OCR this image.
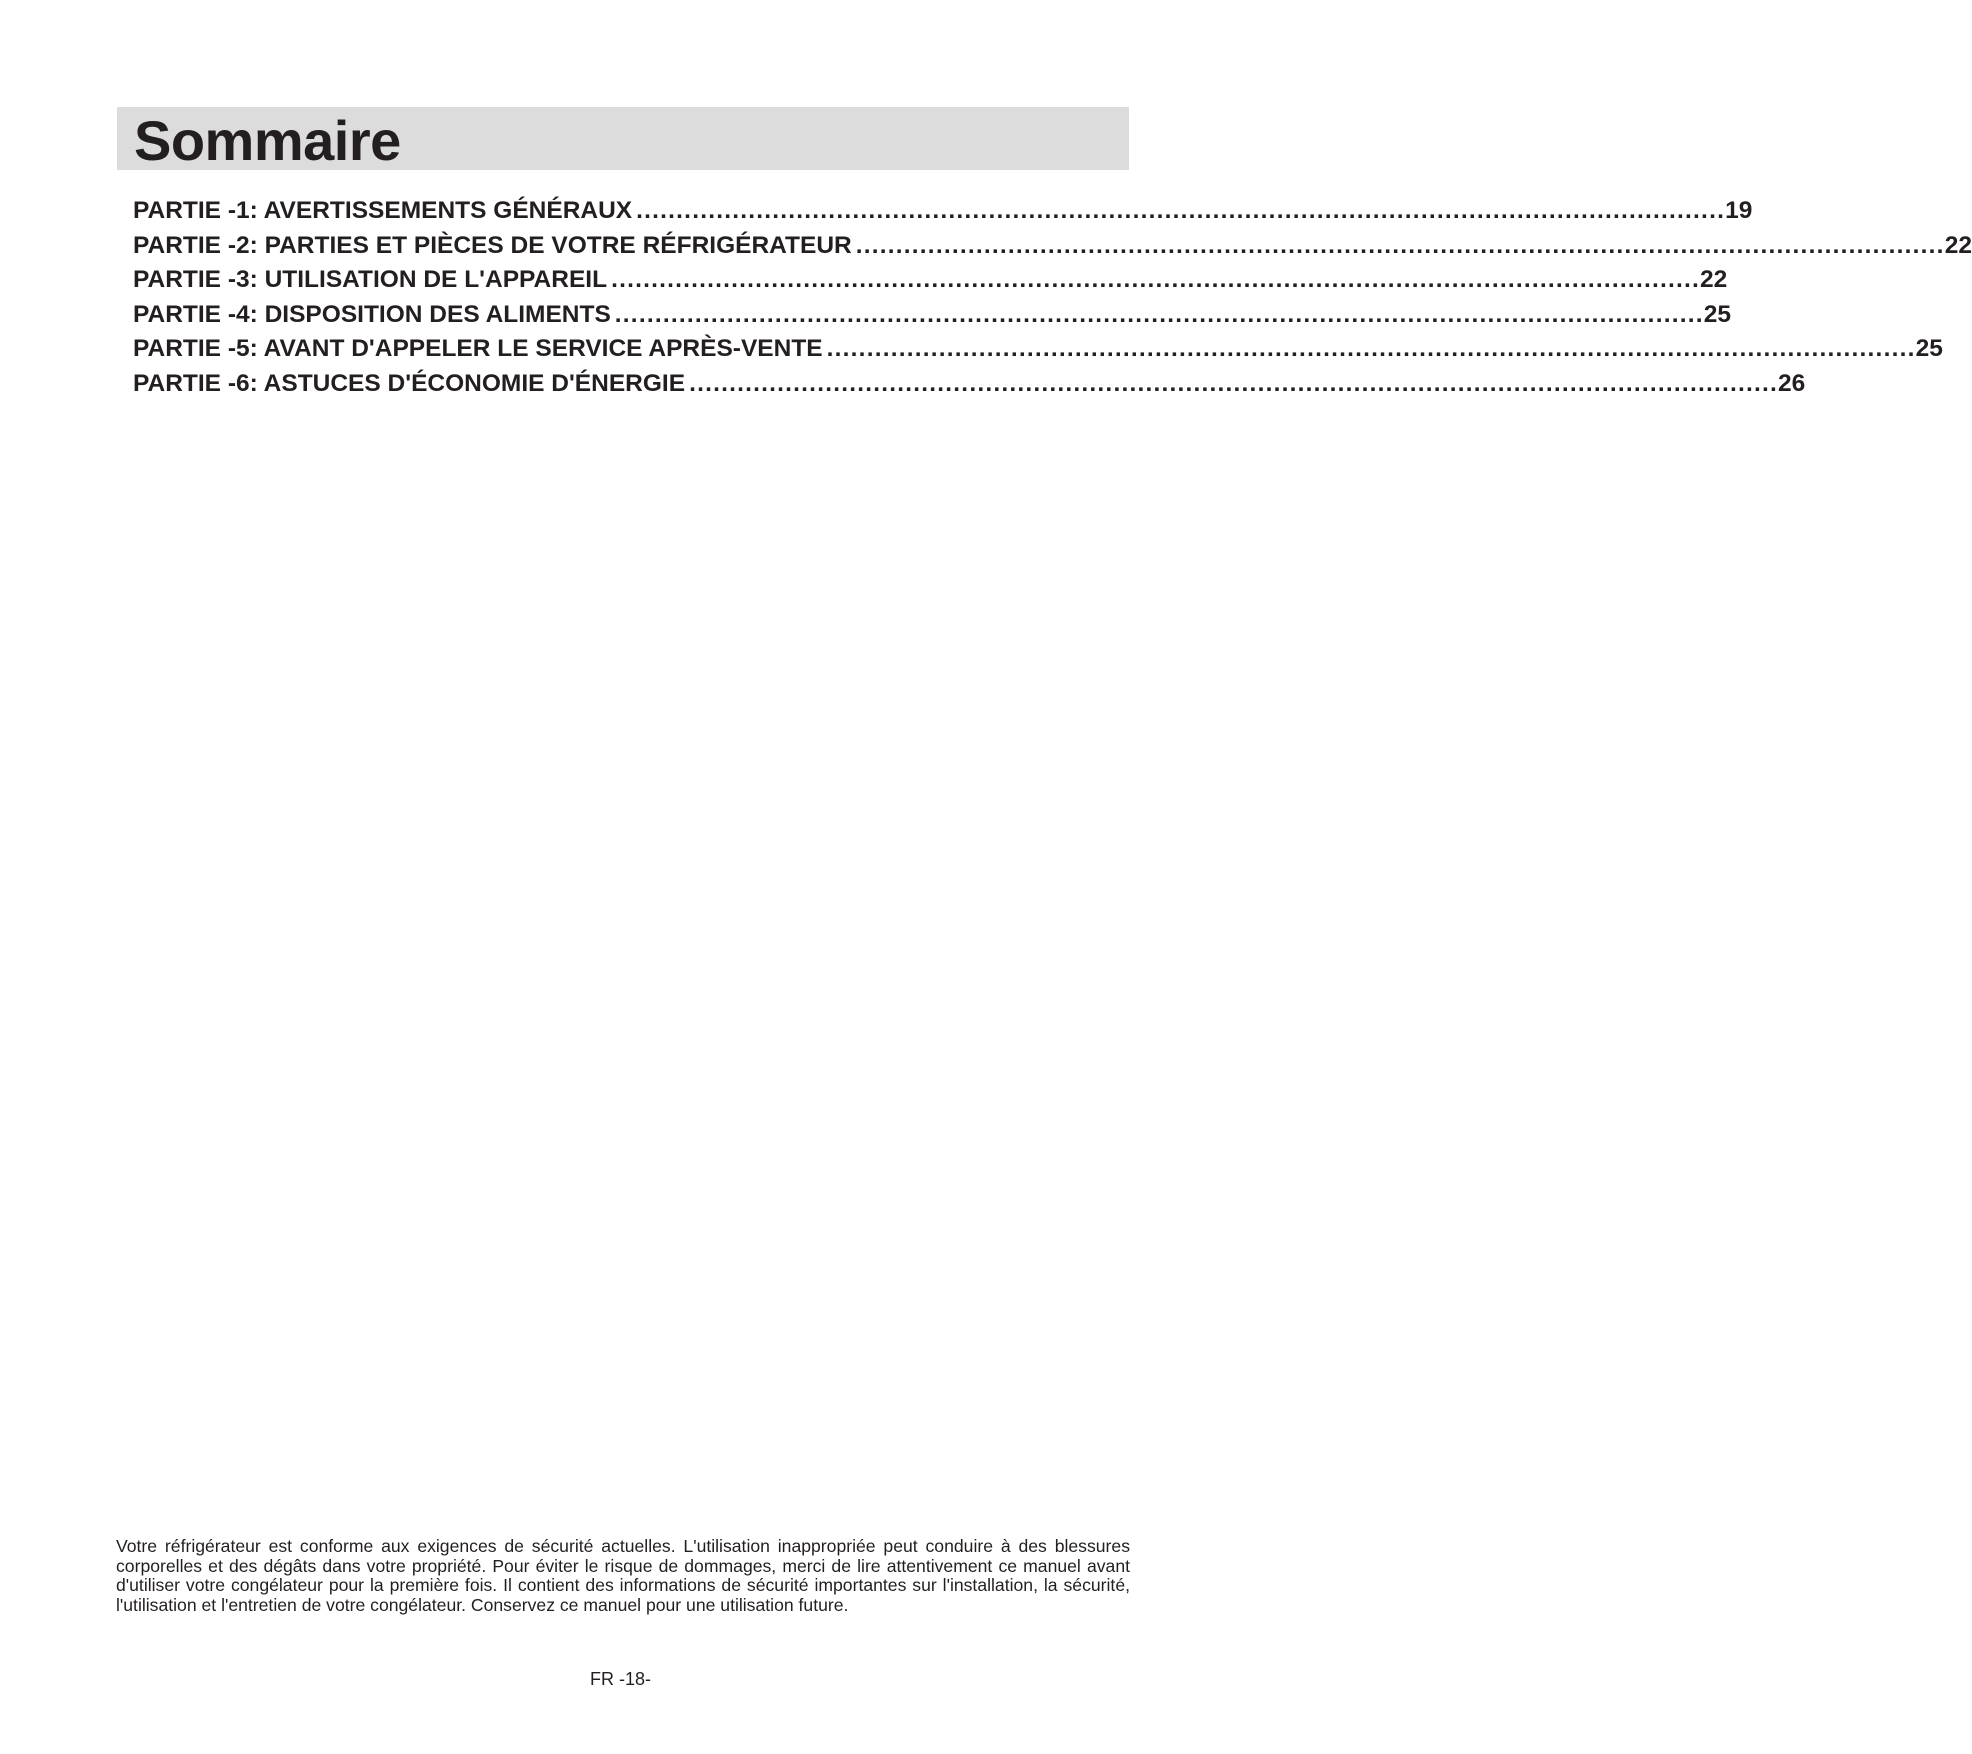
Sommaire
PARTIE -1: AVERTISSEMENTS GÉNÉRAUX ........................................................................................................................................ 19
PARTIE -2: PARTIES ET PIÈCES DE VOTRE RÉFRIGÉRATEUR ........................................................................................................................................ 22
PARTIE -3: UTILISATION DE L'APPAREIL ........................................................................................................................................ 22
PARTIE -4: DISPOSITION DES ALIMENTS ........................................................................................................................................ 25
PARTIE -5: AVANT D'APPELER LE SERVICE APRÈS-VENTE ........................................................................................................................................ 25
PARTIE -6: ASTUCES D'ÉCONOMIE D'ÉNERGIE ........................................................................................................................................ 26

Votre réfrigérateur est conforme aux exigences de sécurité actuelles. L'utilisation inappropriée peut conduire à des blessures corporelles et des dégâts dans votre propriété. Pour éviter le risque de dommages, merci de lire attentivement ce manuel avant d'utiliser votre congélateur pour la première fois. Il contient des informations de sécurité importantes sur l'installation, la sécurité, l'utilisation et l'entretien de votre congélateur. Conservez ce manuel pour une utilisation future.

FR -18-
